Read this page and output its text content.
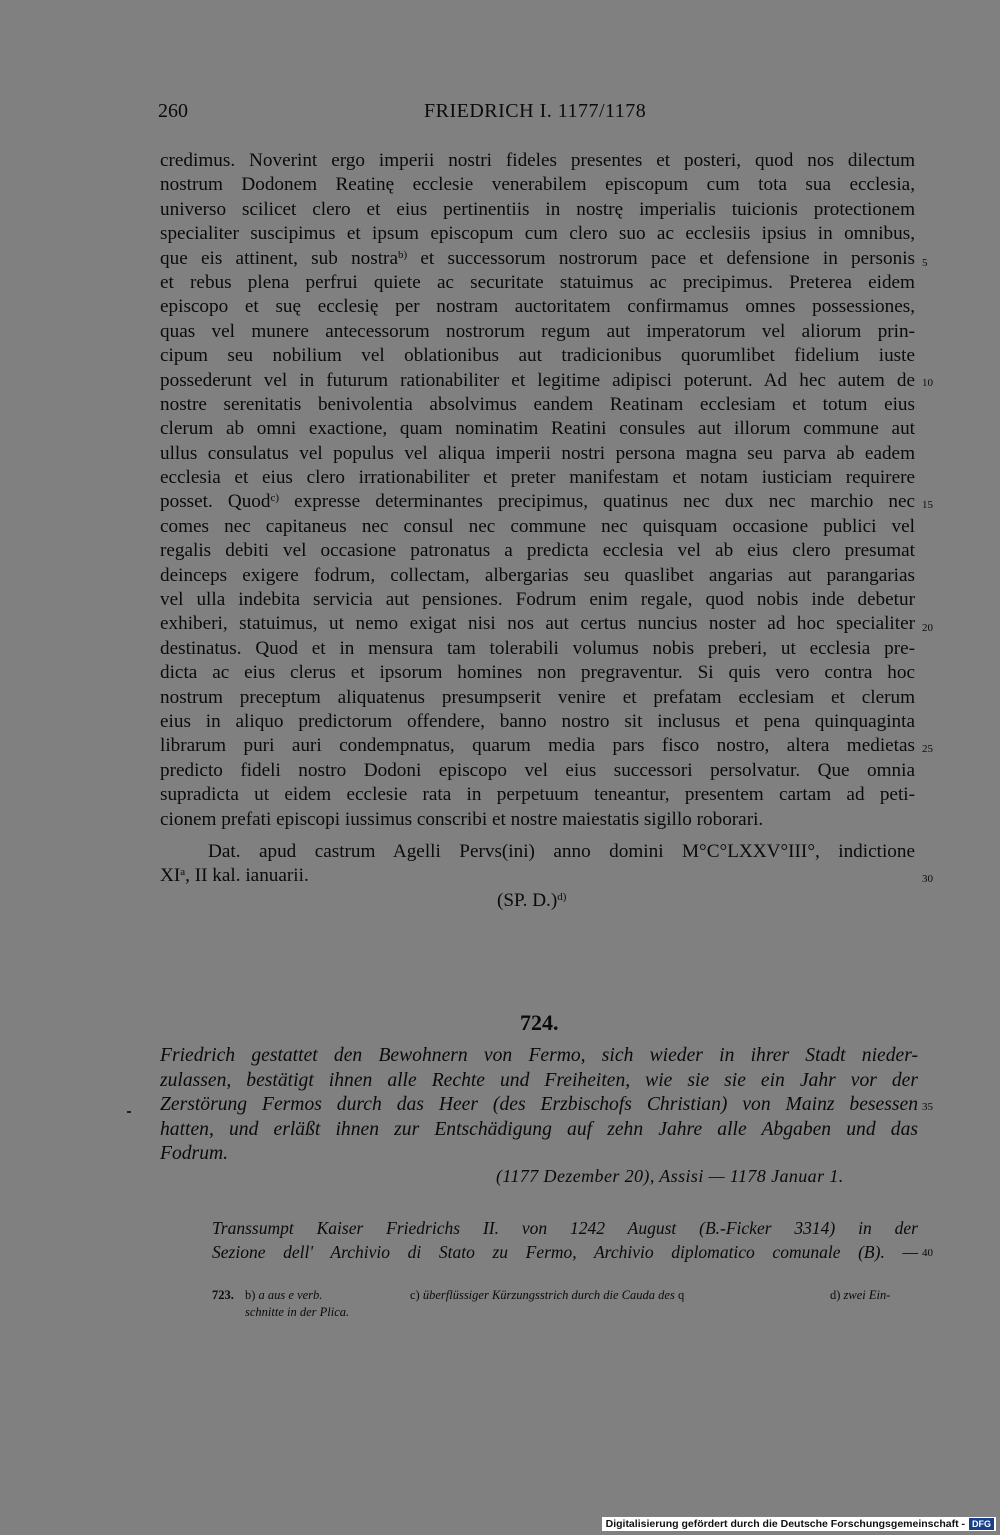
260	FRIEDRICH I. 1177/1178
credimus. Noverint ergo imperii nostri fideles presentes et posteri, quod nos dilectum
nostrum Dodonem Reatinę ecclesie venerabilem episcopum cum tota sua ecclesia,
universo scilicet clero et eius pertinentiis in nostrę imperialis tuicionis protectionem
specialiter suscipimus et ipsum episcopum cum clero suo ac ecclesiis ipsius in omnibus,
que eis attinent, sub nostra$^{b)}$ et successorum nostrorum pace et defensione in personis
et rebus plena perfrui quiete ac securitate statuimus ac precipimus. Preterea eidem
episcopo et suę ecclesię per nostram auctoritatem confirmamus omnes possessiones,
quas vel munere antecessorum nostrorum regum aut imperatorum vel aliorum prin-
cipum seu nobilium vel oblationibus aut tradicionibus quorumlibet fidelium iuste
possederunt vel in futurum rationabiliter et legitime adipisci poterunt. Ad hec autem de
nostre serenitatis benivolentia absolvimus eandem Reatinam ecclesiam et totum eius
clerum ab omni exactione, quam nominatim Reatini consules aut illorum commune aut
ullus consulatus vel populus vel aliqua imperii nostri persona magna seu parva ab eadem
ecclesia et eius clero irrationabiliter et preter manifestam et notam iusticiam requirere
posset. Quod$^{c)}$ expresse determinantes precipimus, quatinus nec dux nec marchio nec
comes nec capitaneus nec consul nec commune nec quisquam occasione publici vel
regalis debiti vel occasione patronatus a predicta ecclesia vel ab eius clero presumat
deinceps exigere fodrum, collectam, albergarias seu quaslibet angarias aut parangarias
vel ulla indebita servicia aut pensiones. Fodrum enim regale, quod nobis inde debetur
exhiberi, statuimus, ut nemo exigat nisi nos aut certus nuncius noster ad hoc specialiter
destinatus. Quod et in mensura tam tolerabili volumus nobis preberi, ut ecclesia pre-
dicta ac eius clerus et ipsorum homines non pregraventur. Si quis vero contra hoc
nostrum preceptum aliquatenus presumpserit venire et prefatam ecclesiam et clerum
eius in aliquo predictorum offendere, banno nostro sit inclusus et pena quinquaginta
librarum puri auri condempnatus, quarum media pars fisco nostro, altera medietas
predicto fideli nostro Dodoni episcopo vel eius successori persolvatur. Que omnia
supradicta ut eidem ecclesie rata in perpetuum teneantur, presentem cartam ad peti-
cionem prefati episcopi iussimus conscribi et nostre maiestatis sigillo roborari.
Dat. apud castrum Agelli Pervs(ini) anno domini M°C°LXXV°III°, indictione
$XI^a$, II kal. ianuarii.
(SP. D.)$^{d)}$
5
10
15
20
25
30
35
40
724.
Friedrich gestattet den Bewohnern von Fermo, sich wieder in ihrer Stadt nieder-
zulassen, bestätigt ihnen alle Rechte und Freiheiten, wie sie sie ein Jahr vor der
Zerstörung Fermos durch das Heer (des Erzbischofs Christian) von Mainz besessen
hatten, und erläßt ihnen zur Entschädigung auf zehn Jahre alle Abgaben und das
Fodrum.
(1177 Dezember 20), Assisi — 1178 Januar 1.
Transsumpt Kaiser Friedrichs II. von 1242 August (B.-Ficker 3314) in der
Sezione dell' Archivio di Stato zu Fermo, Archivio diplomatico comunale (B). —
723. b) a aus e verb.	c) überflüssiger Kürzungsstrich durch die Cauda des q	d) zwei Ein-
schnitte in der Plica.
Digitalisierung gefördert durch die Deutsche Forschungsgemeinschaft - DFG
